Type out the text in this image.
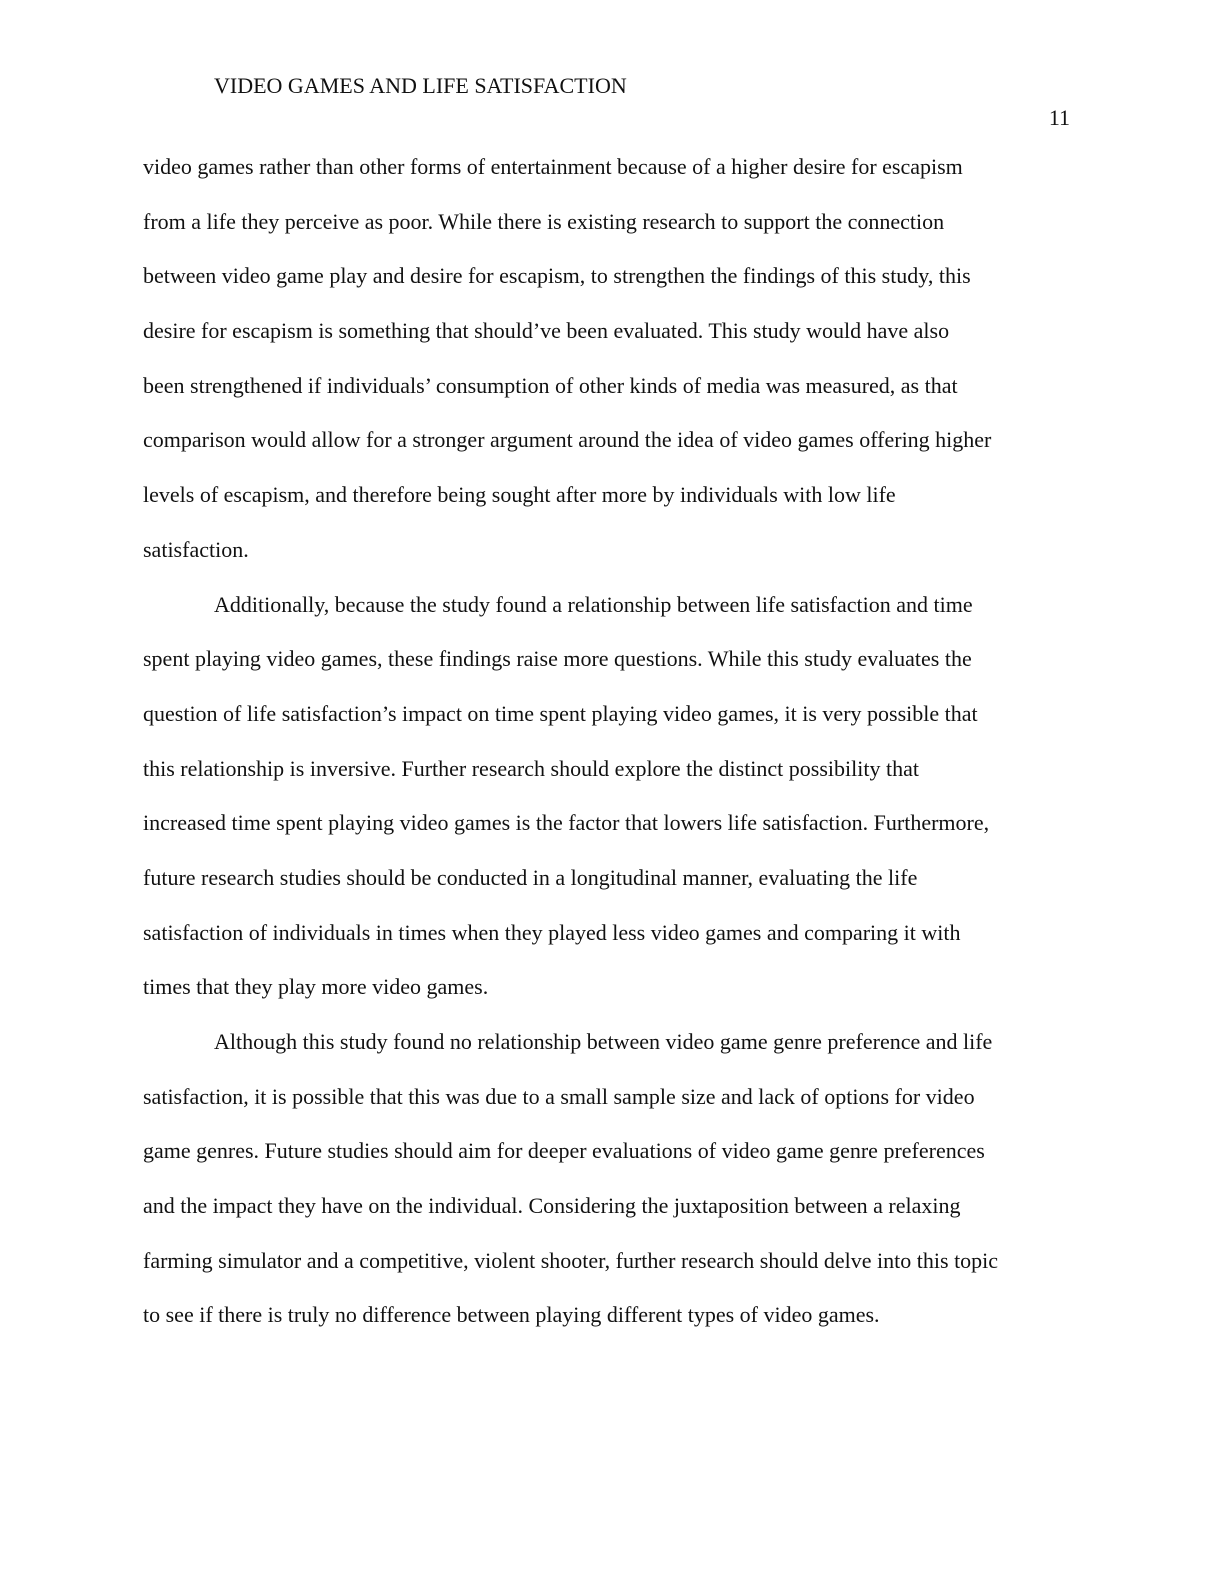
VIDEO GAMES AND LIFE SATISFACTION
11
video games rather than other forms of entertainment because of a higher desire for escapism
from a life they perceive as poor. While there is existing research to support the connection
between video game play and desire for escapism, to strengthen the findings of this study, this
desire for escapism is something that should’ve been evaluated. This study would have also
been strengthened if individuals’ consumption of other kinds of media was measured, as that
comparison would allow for a stronger argument around the idea of video games offering higher
levels of escapism, and therefore being sought after more by individuals with low life
satisfaction.
Additionally, because the study found a relationship between life satisfaction and time
spent playing video games, these findings raise more questions. While this study evaluates the
question of life satisfaction’s impact on time spent playing video games, it is very possible that
this relationship is inversive. Further research should explore the distinct possibility that
increased time spent playing video games is the factor that lowers life satisfaction. Furthermore,
future research studies should be conducted in a longitudinal manner, evaluating the life
satisfaction of individuals in times when they played less video games and comparing it with
times that they play more video games.
Although this study found no relationship between video game genre preference and life
satisfaction, it is possible that this was due to a small sample size and lack of options for video
game genres. Future studies should aim for deeper evaluations of video game genre preferences
and the impact they have on the individual. Considering the juxtaposition between a relaxing
farming simulator and a competitive, violent shooter, further research should delve into this topic
to see if there is truly no difference between playing different types of video games.
